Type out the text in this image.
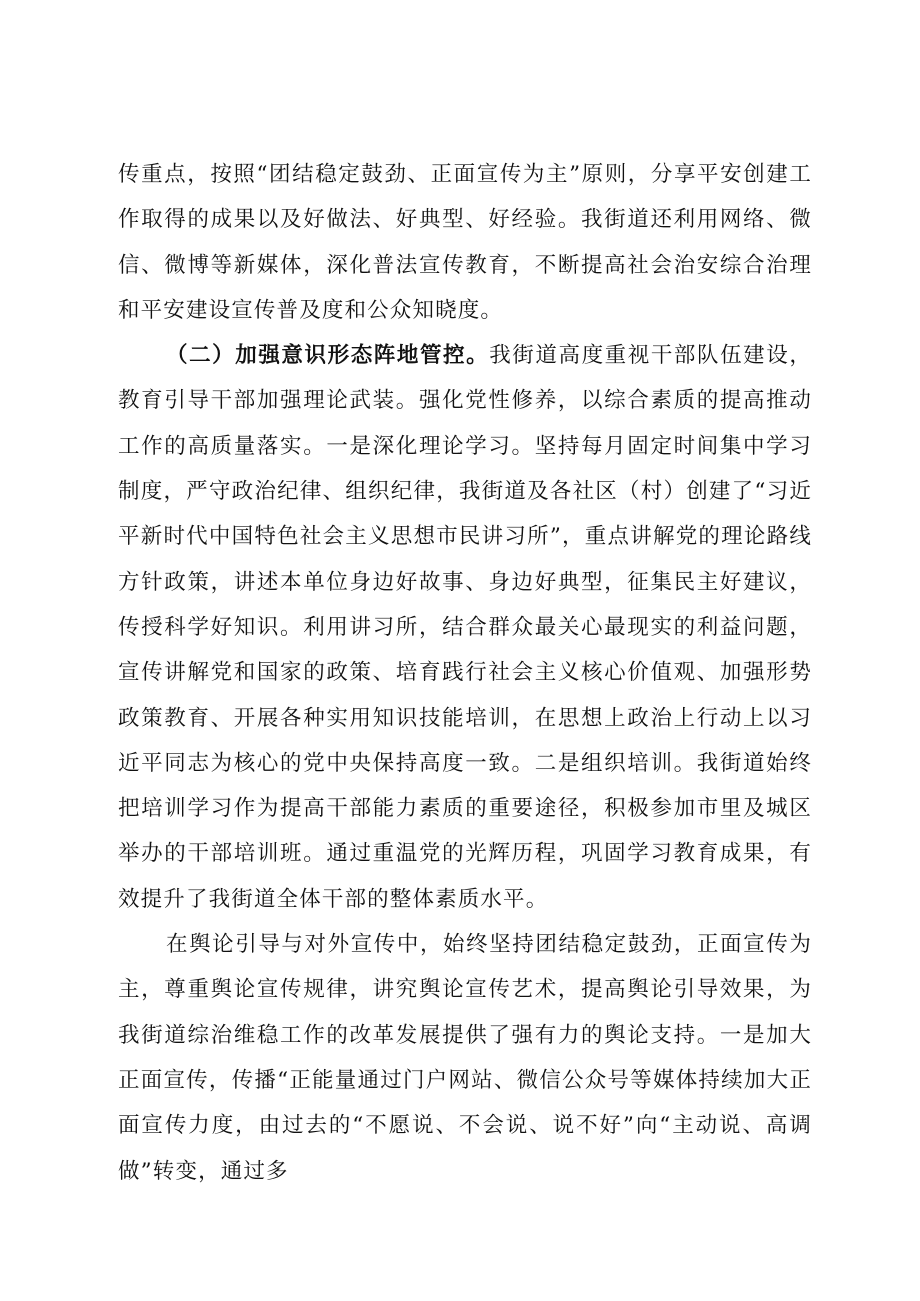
传重点，按照“团结稳定鼓劲、正面宣传为主”原则，分享平安创建工作取得的成果以及好做法、好典型、好经验。我街道还利用网络、微信、微博等新媒体，深化普法宣传教育，不断提高社会治安综合治理和平安建设宣传普及度和公众知晓度。

（二）加强意识形态阵地管控。我街道高度重视干部队伍建设，教育引导干部加强理论武装。强化党性修养，以综合素质的提高推动工作的高质量落实。一是深化理论学习。坚持每月固定时间集中学习制度，严守政治纪律、组织纪律，我街道及各社区（村）创建了“习近平新时代中国特色社会主义思想市民讲习所”，重点讲解党的理论路线方针政策，讲述本单位身边好故事、身边好典型，征集民主好建议，传授科学好知识。利用讲习所，结合群众最关心最现实的利益问题，宣传讲解党和国家的政策、培育践行社会主义核心价值观、加强形势政策教育、开展各种实用知识技能培训，在思想上政治上行动上以习近平同志为核心的党中央保持高度一致。二是组织培训。我街道始终把培训学习作为提高干部能力素质的重要途径，积极参加市里及城区举办的干部培训班。通过重温党的光辉历程，巩固学习教育成果，有效提升了我街道全体干部的整体素质水平。

在舆论引导与对外宣传中，始终坚持团结稳定鼓劲，正面宣传为主，尊重舆论宣传规律，讲究舆论宣传艺术，提高舆论引导效果，为我街道综治维稳工作的改革发展提供了强有力的舆论支持。一是加大正面宣传，传播“正能量通过门户网站、微信公众号等媒体持续加大正面宣传力度，由过去的“不愿说、不会说、说不好”向“主动说、高调做”转变，通过多
